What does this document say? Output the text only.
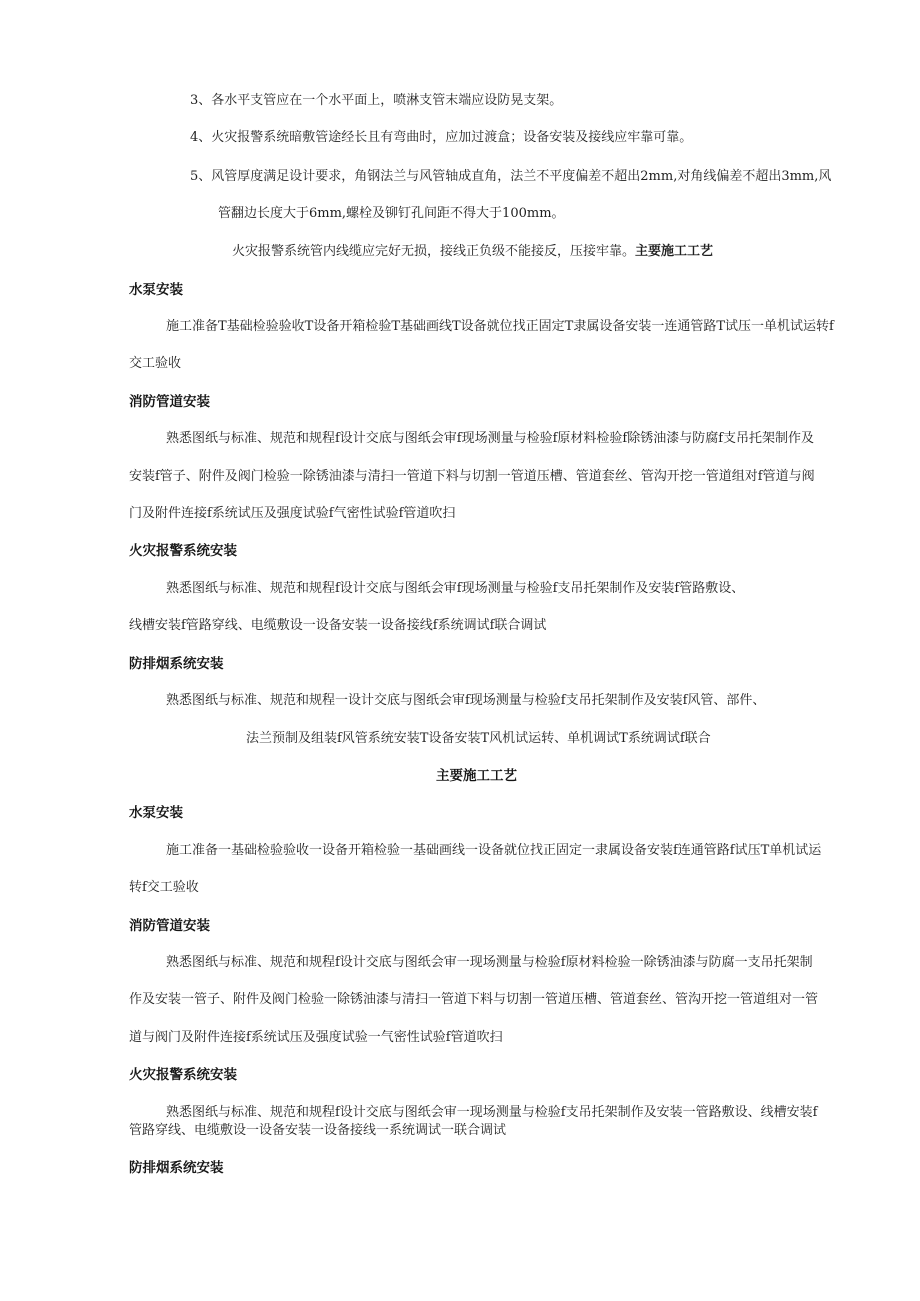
3、各水平支管应在一个水平面上，喷淋支管末端应设防晃支架。
4、火灾报警系统暗敷管途经长且有弯曲时，应加过渡盒；设备安装及接线应牢靠可靠。
5、风管厚度满足设计要求，角钢法兰与风管轴成直角，法兰不平度偏差不超出2mm,对角线偏差不超出3mm,风
管翻边长度大于6mm,螺栓及铆钉孔间距不得大于100mm。
火灾报警系统管内线缆应完好无损，接线正负级不能接反，压接牢靠。主要施工工艺
水泵安装
施工准备T基础检验验收T设备开箱检验T基础画线T设备就位找正固定T隶属设备安装一连通管路T试压一单机试运转f
交工验收
消防管道安装
熟悉图纸与标准、规范和规程f设计交底与图纸会审f现场测量与检验f原材料检验f除锈油漆与防腐f支吊托架制作及
安装f管子、附件及阀门检验一除锈油漆与清扫一管道下料与切割一管道压槽、管道套丝、管沟开挖一管道组对f管道与阀
门及附件连接f系统试压及强度试验f气密性试验f管道吹扫
火灾报警系统安装
熟悉图纸与标准、规范和规程f设计交底与图纸会审f现场测量与检验f支吊托架制作及安装f管路敷设、
线槽安装f管路穿线、电缆敷设一设备安装一设备接线f系统调试f联合调试
防排烟系统安装
熟悉图纸与标准、规范和规程一设计交底与图纸会审f现场测量与检验f支吊托架制作及安装f风管、部件、
法兰预制及组装f风管系统安装T设备安装T风机试运转、单机调试T系统调试f联合
主要施工工艺
水泵安装
施工准备一基础检验验收一设备开箱检验一基础画线一设备就位找正固定一隶属设备安装f连通管路f试压T单机试运
转f交工验收
消防管道安装
熟悉图纸与标准、规范和规程f设计交底与图纸会审一现场测量与检验f原材料检验一除锈油漆与防腐一支吊托架制
作及安装一管子、附件及阀门检验一除锈油漆与清扫一管道下料与切割一管道压槽、管道套丝、管沟开挖一管道组对一管
道与阀门及附件连接f系统试压及强度试验一气密性试验f管道吹扫
火灾报警系统安装
熟悉图纸与标准、规范和规程f设计交底与图纸会审一现场测量与检验f支吊托架制作及安装一管路敷设、线槽安装f
管路穿线、电缆敷设一设备安装一设备接线一系统调试一联合调试
防排烟系统安装
